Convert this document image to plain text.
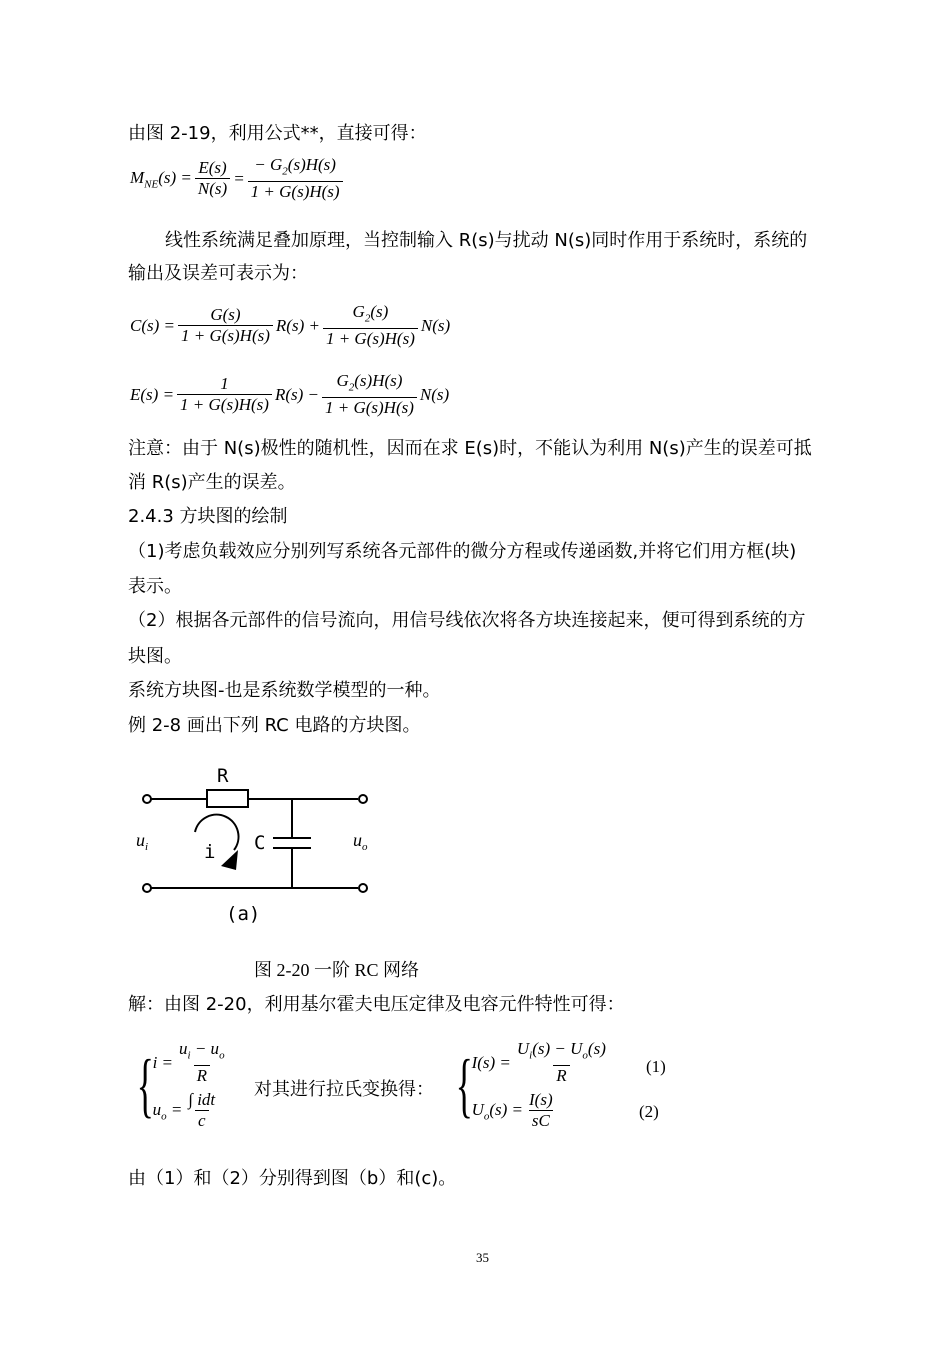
由图 2-19，利用公式**，直接可得：
$M_{NE}(s) = \frac{E(s)}{N(s)} = \frac{- G_2(s)H(s)}{1 + G(s)H(s)}$
线性系统满足叠加原理，当控制输入 R(s)与扰动 N(s)同时作用于系统时，系统的
输出及误差可表示为：
$C(s) = \frac{G(s)}{1 + G(s)H(s)} R(s) + \frac{G_2(s)}{1 + G(s)H(s)} N(s)$
$E(s) = \frac{1}{1 + G(s)H(s)} R(s) - \frac{G_2(s)H(s)}{1 + G(s)H(s)} N(s)$
注意：由于 N(s)极性的随机性，因而在求 E(s)时，不能认为利用 N(s)产生的误差可抵
消 R(s)产生的误差。
2.4.3 方块图的绘制
（1)考虑负载效应分别列写系统各元部件的微分方程或传递函数,并将它们用方框(块)
表示。
（2）根据各元部件的信号流向，用信号线依次将各方块连接起来，便可得到系统的方
块图。
系统方块图-也是系统数学模型的一种。
例 2-8 画出下列 RC 电路的方块图。
R
C
i
(a)
$u_i$	$u_o$
图 2-20 一阶 RC 网络
解：由图 2-20，利用基尔霍夫电压定律及电容元件特性可得：
{
$i = \frac{u_i - u_o}{R}$
$u_o = \frac{\text{∫ idt}}{c}$
对其进行拉氏变换得： {
$I(s) = \frac{U_i(s) - U_o(s)}{R}$
$U_o(s) = \frac{I(s)}{sC}$
(1)
(2)
由（1）和（2）分别得到图（b）和(c)。
35
